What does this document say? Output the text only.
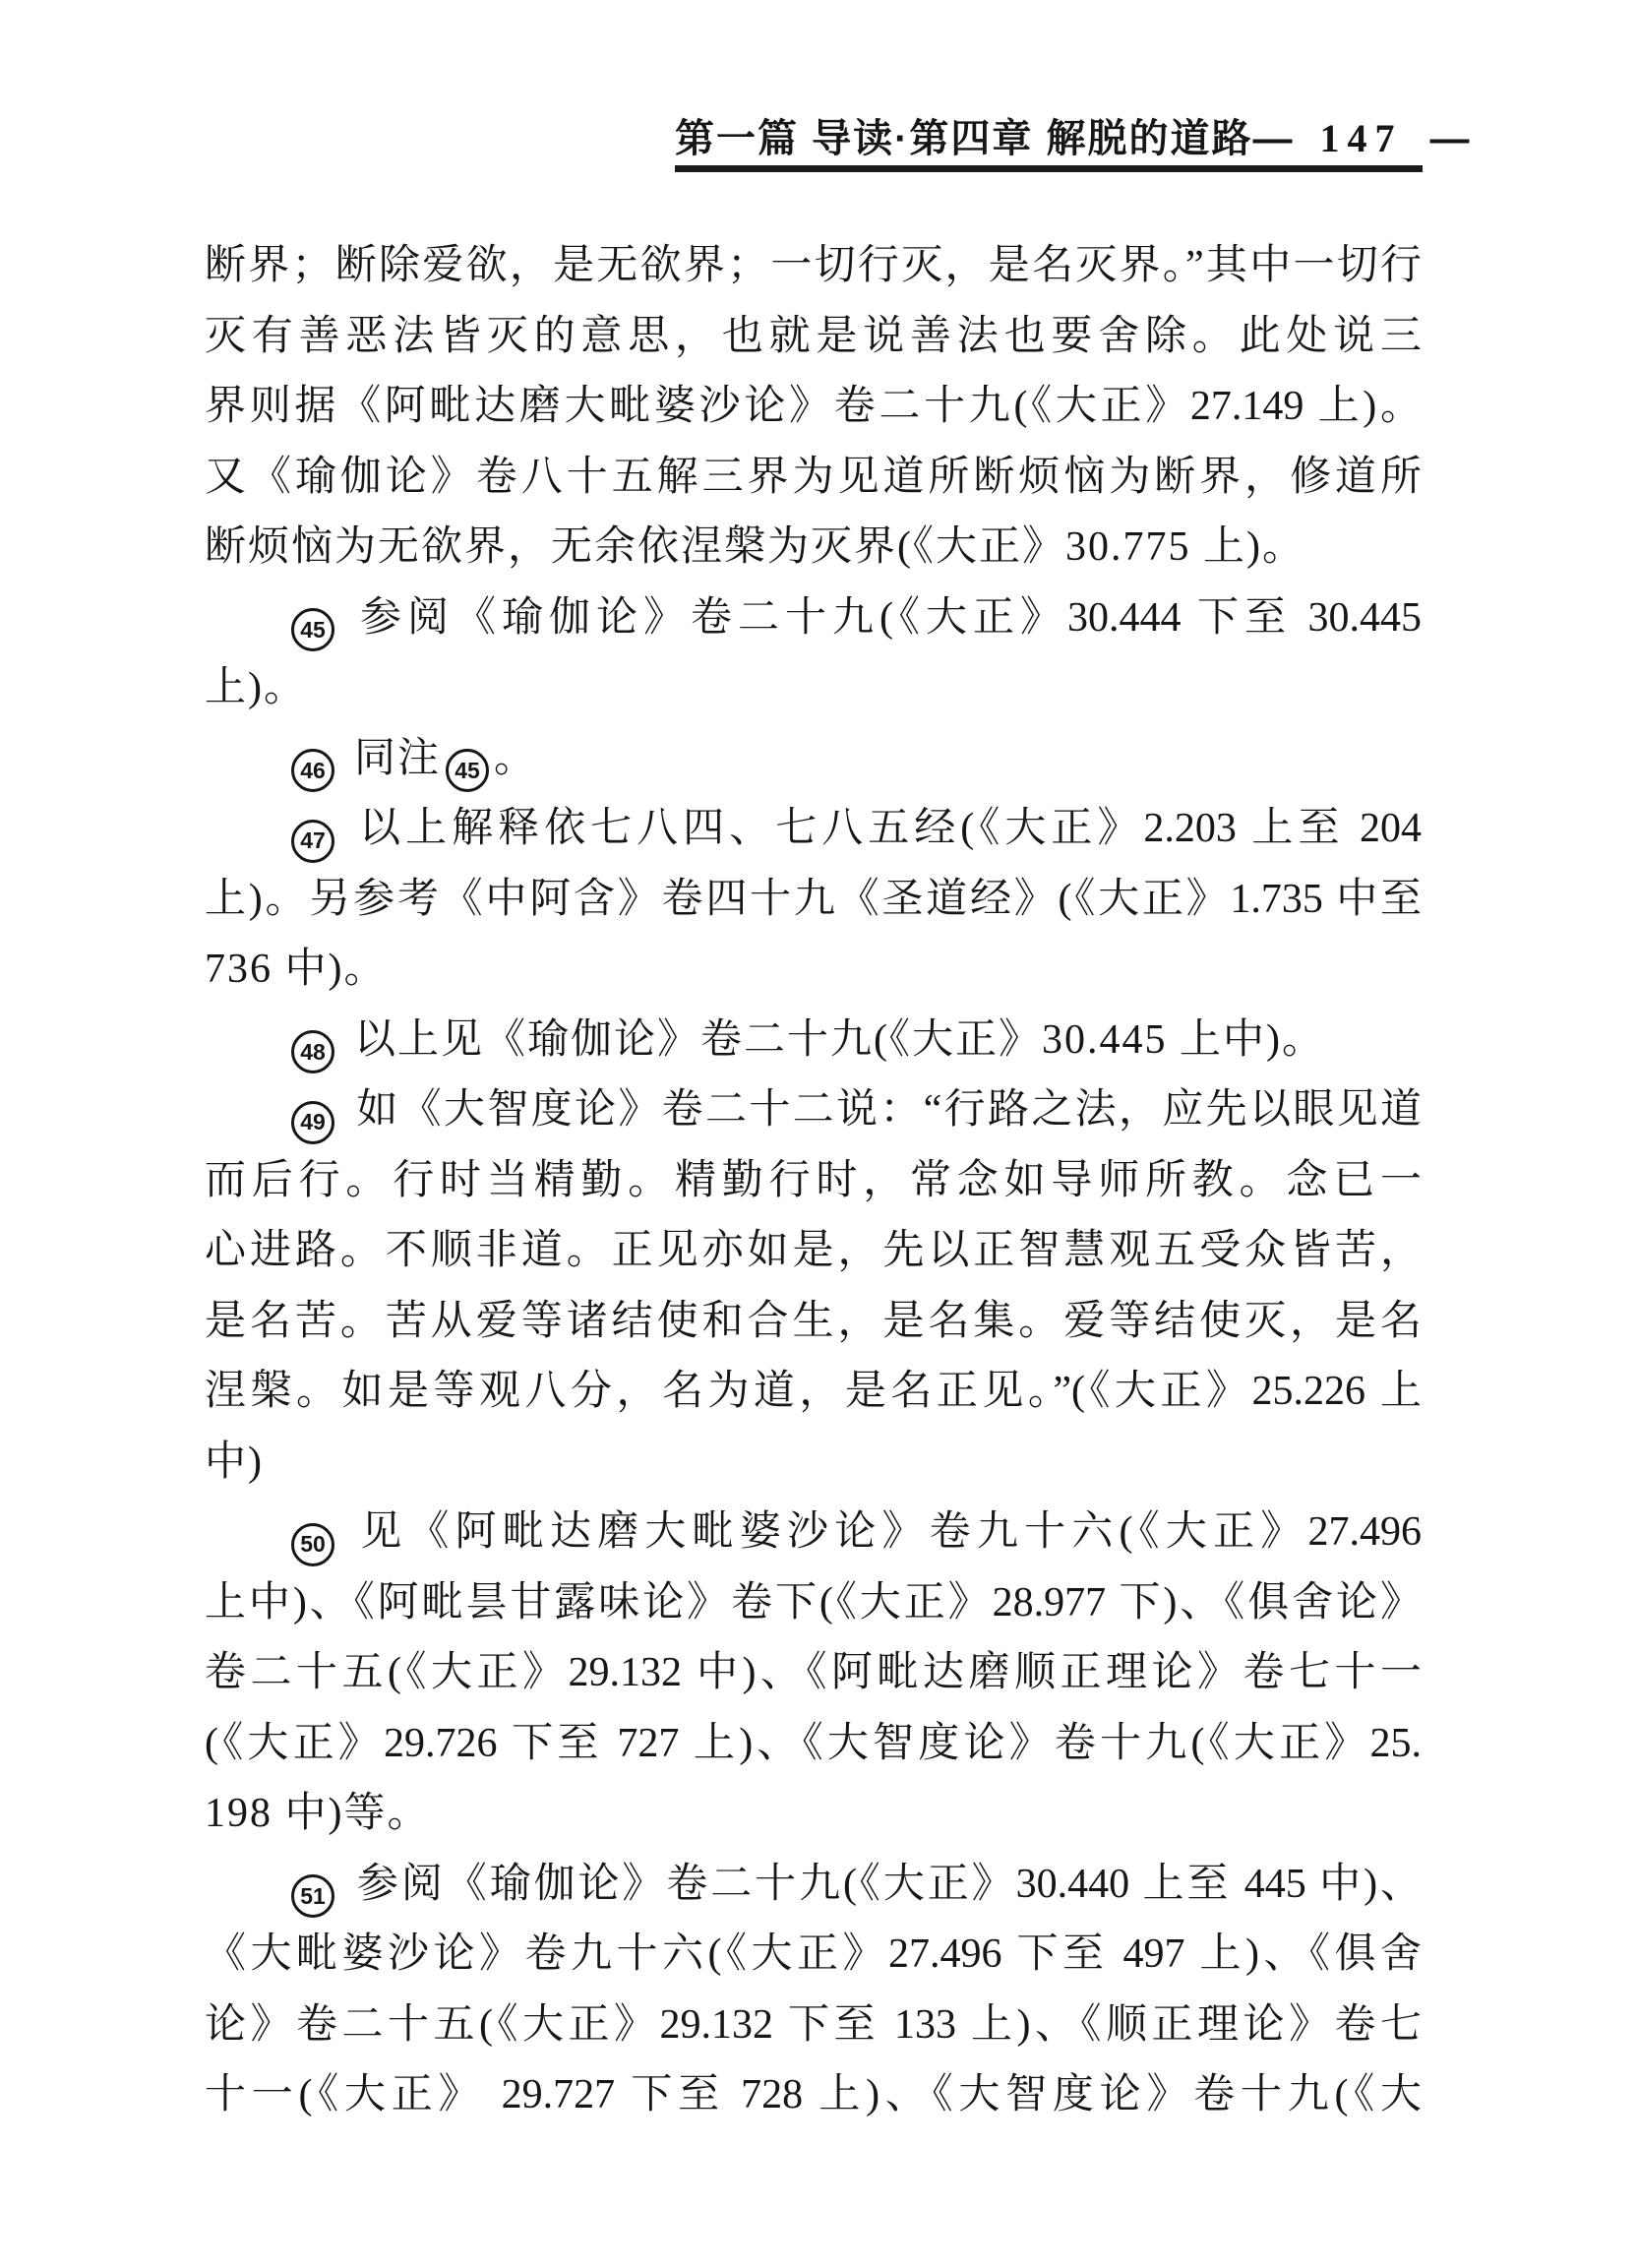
第一篇 导读·第四章 解脱的道路 — 147 —
断界；断除爱欲，是无欲界；一切行灭，是名灭界。”其中一切行
灭有善恶法皆灭的意思，也就是说善法也要舍除。此处说三
界则据《阿毗达磨大毗婆沙论》卷二十九(《大正》27.149 上)。
又《瑜伽论》卷八十五解三界为见道所断烦恼为断界，修道所
断烦恼为无欲界，无余依涅槃为灭界(《大正》30.775 上)。
45 参阅《瑜伽论》卷二十九(《大正》30.444 下至 30.445
上)。
46 同注 45 。
47 以上解释依七八四、七八五经(《大正》2.203 上至 204
上)。另参考《中阿含》卷四十九《圣道经》(《大正》1.735 中至
736 中)。
48 以上见《瑜伽论》卷二十九(《大正》30.445 上中)。
49 如《大智度论》卷二十二说：“行路之法，应先以眼见道
而后行。行时当精勤。精勤行时，常念如导师所教。念已一
心进路。不顺非道。正见亦如是，先以正智慧观五受众皆苦，
是名苦。苦从爱等诸结使和合生，是名集。爱等结使灭，是名
涅槃。如是等观八分，名为道，是名正见。”(《大正》25.226 上
中)
50 见《阿毗达磨大毗婆沙论》卷九十六(《大正》27.496
上中)、《阿毗昙甘露味论》卷下(《大正》28.977 下)、《俱舍论》
卷二十五(《大正》29.132 中)、《阿毗达磨顺正理论》卷七十一
(《大正》29.726 下至 727 上)、《大智度论》卷十九(《大正》25.
198 中)等。
51 参阅《瑜伽论》卷二十九(《大正》30.440 上至 445 中)、
《大毗婆沙论》卷九十六(《大正》27.496 下至 497 上)、《俱舍
论》卷二十五(《大正》29.132 下至 133 上)、《顺正理论》卷七
十一(《大正》 29.727 下至 728 上)、《大智度论》卷十九(《大
